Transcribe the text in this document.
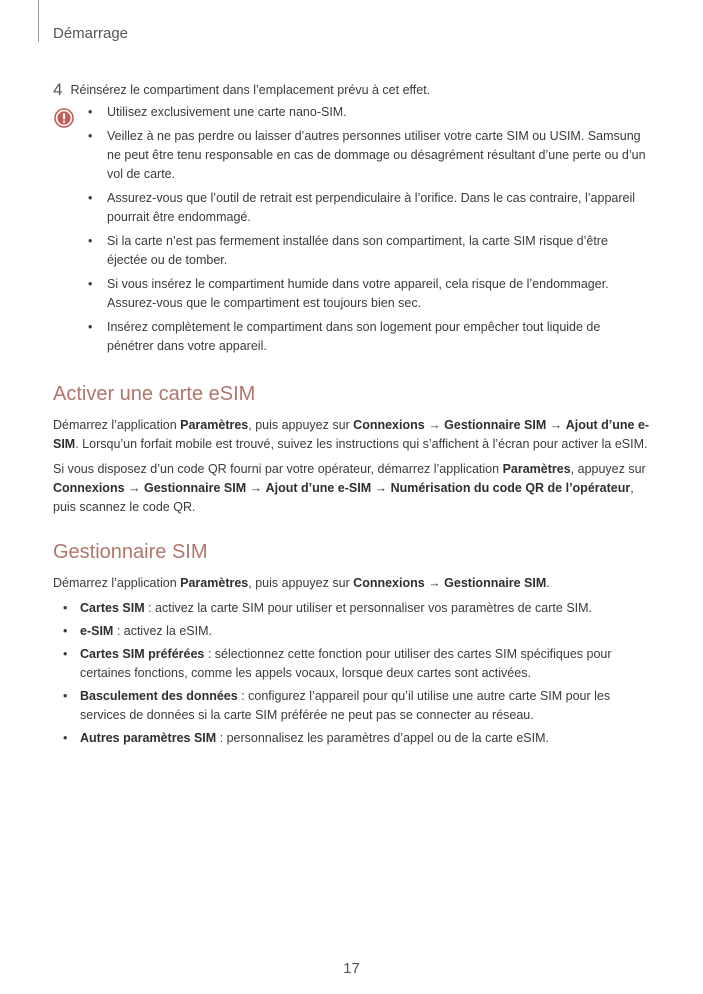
Démarrage

4 Réinsérez le compartiment dans l’emplacement prévu à cet effet.
• Utilisez exclusivement une carte nano-SIM.
• Veillez à ne pas perdre ou laisser d’autres personnes utiliser votre carte SIM ou USIM. Samsung ne peut être tenu responsable en cas de dommage ou désagrément résultant d’une perte ou d’un vol de carte.
• Assurez-vous que l’outil de retrait est perpendiculaire à l’orifice. Dans le cas contraire, l’appareil pourrait être endommagé.
• Si la carte n’est pas fermement installée dans son compartiment, la carte SIM risque d’être éjectée ou de tomber.
• Si vous insérez le compartiment humide dans votre appareil, cela risque de l’endommager. Assurez-vous que le compartiment est toujours bien sec.
• Insérez complètement le compartiment dans son logement pour empêcher tout liquide de pénétrer dans votre appareil.
Activer une carte eSIM

Démarrez l’application Paramètres, puis appuyez sur Connexions → Gestionnaire SIM → Ajout d’une e-SIM. Lorsqu’un forfait mobile est trouvé, suivez les instructions qui s’affichent à l’écran pour activer la eSIM.

Si vous disposez d’un code QR fourni par votre opérateur, démarrez l’application Paramètres, appuyez sur Connexions → Gestionnaire SIM → Ajout d’une e-SIM → Numérisation du code QR de l’opérateur, puis scannez le code QR.

Gestionnaire SIM

Démarrez l’application Paramètres, puis appuyez sur Connexions → Gestionnaire SIM.

• Cartes SIM : activez la carte SIM pour utiliser et personnaliser vos paramètres de carte SIM.
• e-SIM : activez la eSIM.
• Cartes SIM préférées : sélectionnez cette fonction pour utiliser des cartes SIM spécifiques pour certaines fonctions, comme les appels vocaux, lorsque deux cartes sont activées.
• Basculement des données : configurez l’appareil pour qu’il utilise une autre carte SIM pour les services de données si la carte SIM préférée ne peut pas se connecter au réseau.
• Autres paramètres SIM : personnalisez les paramètres d’appel ou de la carte eSIM.
17
